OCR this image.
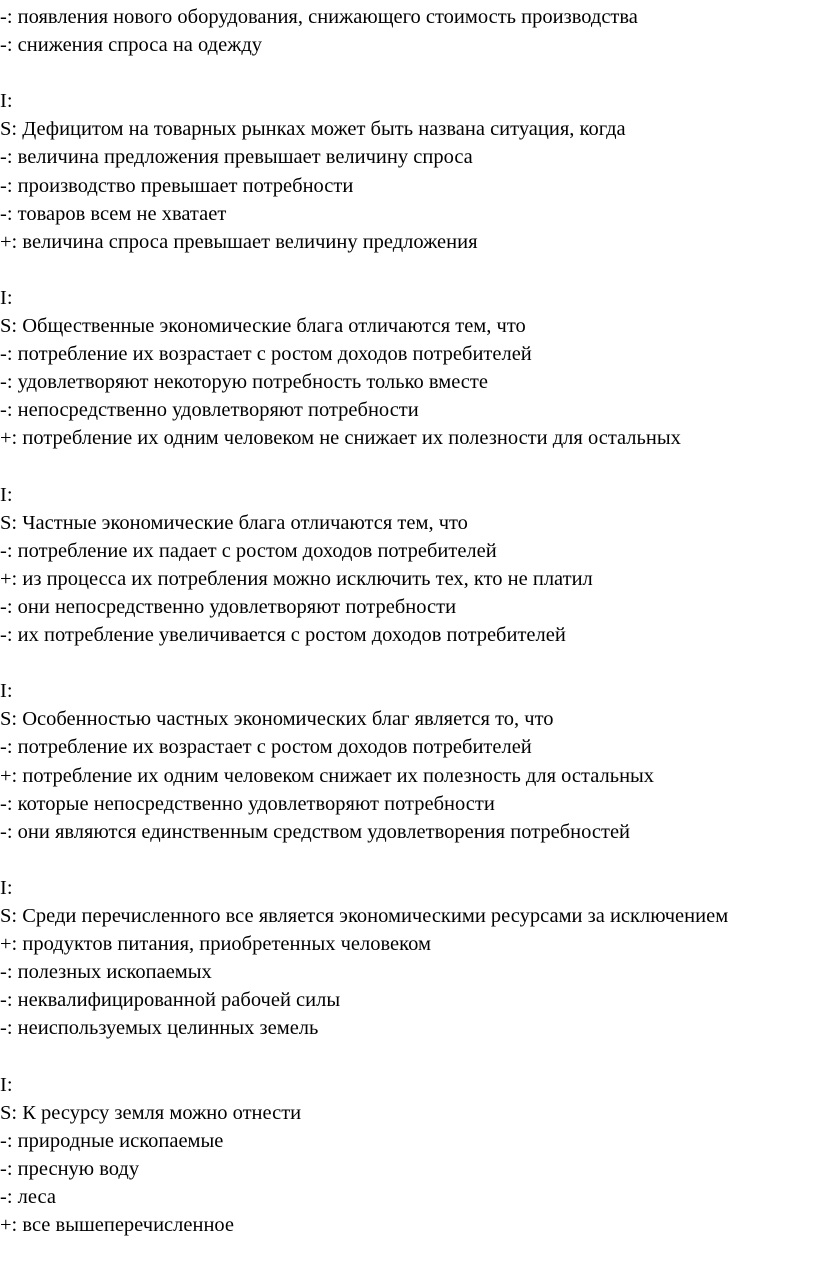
-: появления нового оборудования, снижающего стоимость производства
-: снижения спроса на одежду
I:
S: Дефицитом на товарных рынках может быть названа ситуация, когда
-: величина предложения превышает величину спроса
-: производство превышает потребности
-: товаров всем не хватает
+: величина спроса превышает величину предложения
I:
S: Общественные экономические блага отличаются тем, что
-: потребление их возрастает с ростом доходов потребителей
-: удовлетворяют некоторую потребность только вместе
-: непосредственно удовлетворяют потребности
+: потребление их одним человеком не снижает их полезности для остальных
I:
S: Частные экономические блага отличаются тем, что
-: потребление их падает с ростом доходов потребителей
+: из процесса их потребления можно исключить тех, кто не платил
-: они непосредственно удовлетворяют потребности
-: их потребление увеличивается с ростом доходов потребителей
I:
S: Особенностью частных экономических благ является то, что
-: потребление их возрастает с ростом доходов потребителей
+: потребление их одним человеком снижает их полезность для остальных
-: которые непосредственно удовлетворяют потребности
-: они являются единственным средством удовлетворения потребностей
I:
S: Среди перечисленного все является экономическими ресурсами за исключением
+: продуктов питания, приобретенных человеком
-: полезных ископаемых
-: неквалифицированной рабочей силы
-: неиспользуемых целинных земель
I:
S: К ресурсу земля можно отнести
-: природные ископаемые
-: пресную воду
-: леса
+: все вышеперечисленное
